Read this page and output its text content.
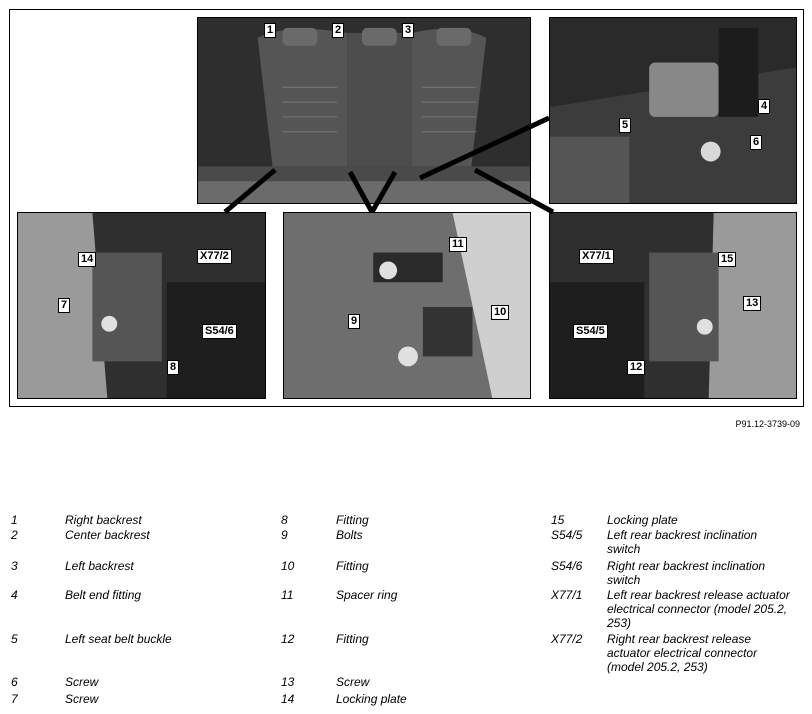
1	2	3
4
5
6
X77/2
14
7
S54/6
8
11
10
9
X77/1	15
13
S54/5
12
P91.12-3739-09
1	Right backrest
2	Center backrest
3	Left backrest
4	Belt end fitting
5	Left seat belt buckle
6	Screw
7	Screw
8	Fitting
9	Bolts
10	Fitting
11	Spacer ring
12	Fitting
13	Screw
14	Locking plate
15	Locking plate
S54/5 Left rear backrest inclination switch
S54/6 Right rear backrest inclination switch
X77/1 Left rear backrest release actuator electrical connector (model 205.2, 253)
X77/2 Right rear backrest release actuator electrical connector (model 205.2, 253)
